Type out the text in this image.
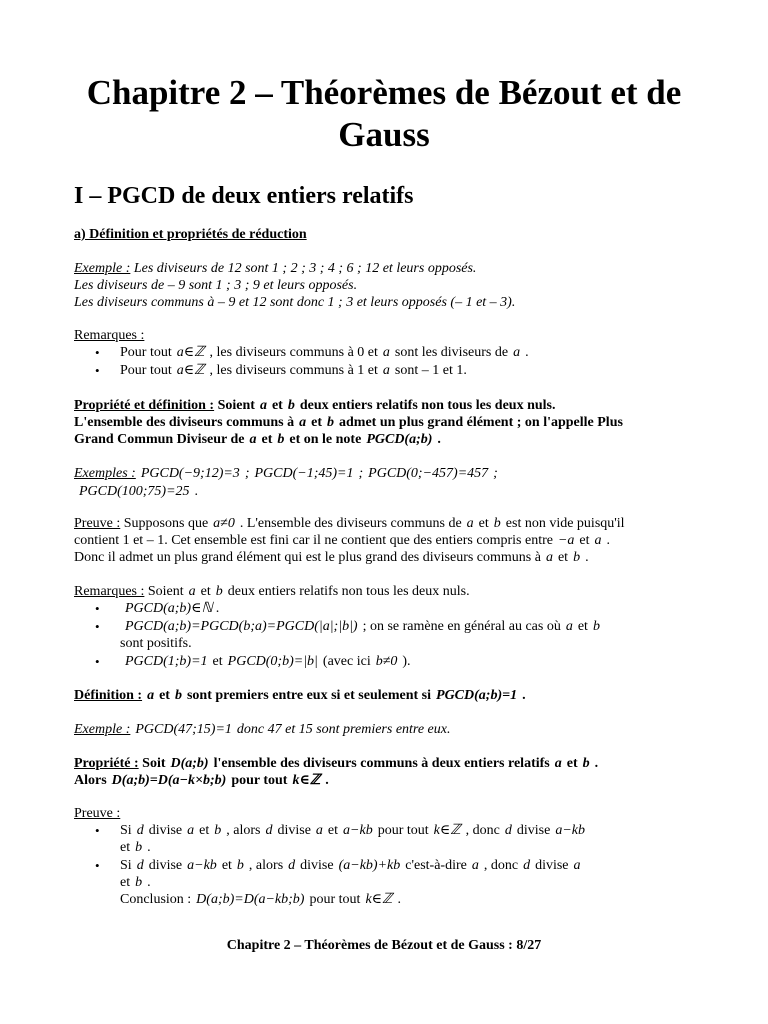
Chapitre 2 – Théorèmes de Bézout et de
Gauss
I – PGCD de deux entiers relatifs
a) Définition et propriétés de réduction
Exemple : Les diviseurs de 12 sont 1 ; 2 ; 3 ; 4 ; 6 ; 12 et leurs opposés.
Les diviseurs de – 9 sont 1 ; 3 ; 9 et leurs opposés.
Les diviseurs communs à – 9 et 12 sont donc 1 ; 3 et leurs opposés (– 1 et – 3).
Remarques :
• Pour tout a∈ℤ , les diviseurs communs à 0 et a sont les diviseurs de a .
• Pour tout a∈ℤ , les diviseurs communs à 1 et a sont – 1 et 1.
Propriété et définition : Soient a et b deux entiers relatifs non tous les deux nuls.
L'ensemble des diviseurs communs à a et b admet un plus grand élément ; on l'appelle Plus
Grand Commun Diviseur de a et b et on le note PGCD(a;b) .
Exemples : PGCD(−9;12)=3 ; PGCD(−1;45)=1 ; PGCD(0;−457)=457 ;
PGCD(100;75)=25 .
Preuve : Supposons que a≠0 . L'ensemble des diviseurs communs de a et b est non vide puisqu'il
contient 1 et – 1. Cet ensemble est fini car il ne contient que des entiers compris entre −a et a .
Donc il admet un plus grand élément qui est le plus grand des diviseurs communs à a et b .
Remarques : Soient a et b deux entiers relatifs non tous les deux nuls.
•	PGCD(a;b)∈ℕ .
•	PGCD(a;b)=PGCD(b;a)=PGCD(|a|;|b|) ; on se ramène en général au cas où a et b
sont positifs.
•	PGCD(1;b)=1 et PGCD(0;b)=|b| (avec ici b≠0 ).
Définition : a et b sont premiers entre eux si et seulement si PGCD(a;b)=1 .
Exemple : PGCD(47;15)=1 donc 47 et 15 sont premiers entre eux.
Propriété : Soit D(a;b) l'ensemble des diviseurs communs à deux entiers relatifs a et b .
Alors D(a;b)=D(a−k×b;b) pour tout k∈ℤ .
Preuve :
• Si d divise a et b , alors d divise a et a−kb pour tout k∈ℤ , donc d divise a−kb
et b .
• Si d divise a−kb et b , alors d divise (a−kb)+kb c'est-à-dire a , donc d divise a
et b .
Conclusion : D(a;b)=D(a−kb;b) pour tout k∈ℤ .
Chapitre 2 – Théorèmes de Bézout et de Gauss : 8/27
